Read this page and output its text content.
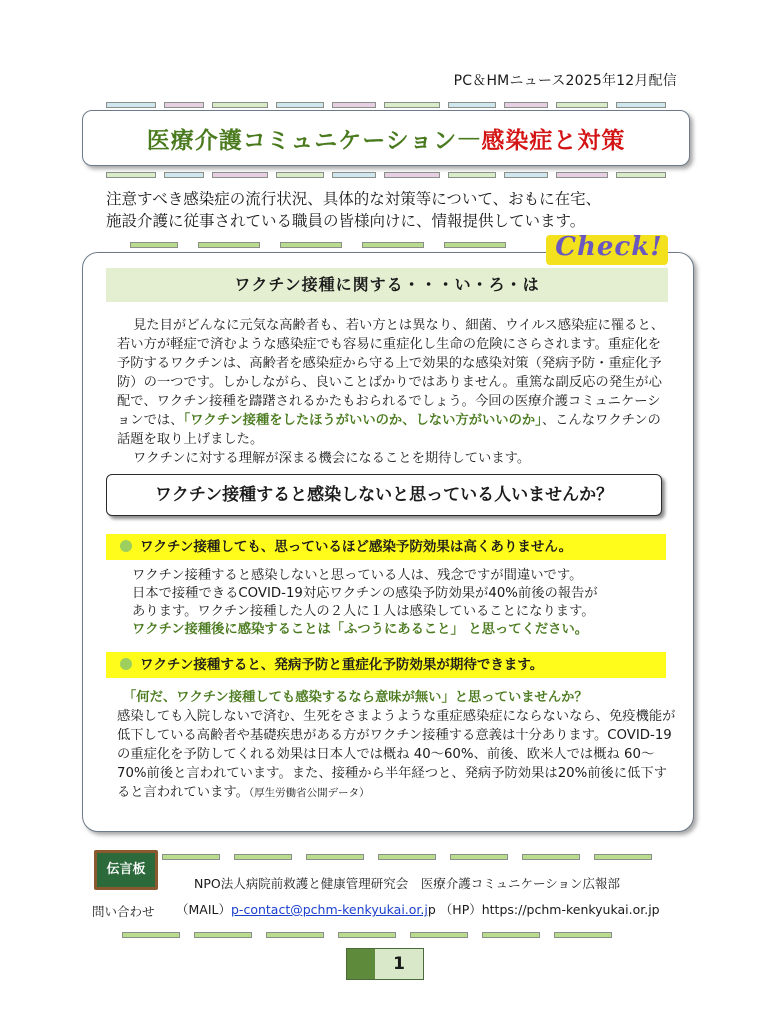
PC＆HMニュース2025年12月配信
医療介護コミュニケーション — 感染症と対策
注意すべき感染症の流行状況、具体的な対策等について、おもに在宅、
施設介護に従事されている職員の皆様向けに、情報提供しています。
Check!
ワクチン接種に関する・・・い・ろ・は
見た目がどんなに元気な高齢者も、若い方とは異なり、細菌、ウイルス感染症に罹ると、若い方が軽症で済むような感染症でも容易に重症化し生命の危険にさらされます。重症化を予防するワクチンは、高齢者を感染症から守る上で効果的な感染対策（発病予防・重症化予防）の一つです。しかしながら、良いことばかりではありません。重篤な副反応の発生が心配で、ワクチン接種を躊躇されるかたもおられるでしょう。今回の医療介護コミュニケーションでは、「ワクチン接種をしたほうがいいのか、しない方がいいのか」、こんなワクチンの話題を取り上げました。
ワクチンに対する理解が深まる機会になることを期待しています。
ワクチン接種すると感染しないと思っている人いませんか？
ワクチン接種しても、思っているほど感染予防効果は高くありません。
ワクチン接種すると感染しないと思っている人は、残念ですが間違いです。
日本で接種できるCOVID-19対応ワクチンの感染予防効果が40%前後の報告が
あります。ワクチン接種した人の２人に１人は感染していることになります。
ワクチン接種後に感染することは「ふつうにあること」 と思ってください。
ワクチン接種すると、発病予防と重症化予防効果が期待できます。
「何だ、ワクチン接種しても感染するなら意味が無い」と思っていませんか？
感染しても入院しないで済む、生死をさまようような重症感染症にならないなら、免疫機能が低下している高齢者や基礎疾患がある方がワクチン接種する意義は十分あります。COVID-19の重症化を予防してくれる効果は日本人では概ね 40～60%、前後、欧米人では概ね 60～70%前後と言われています。また、接種から半年経つと、発病予防効果は20%前後に低下すると言われています。（厚生労働省公開データ）
伝言板
NPO法人病院前救護と健康管理研究会　医療介護コミュニケーション広報部
問い合わせ （MAIL）p-contact@pchm-kenkyukai.or.jp （HP）https://pchm-kenkyukai.or.jp
1
